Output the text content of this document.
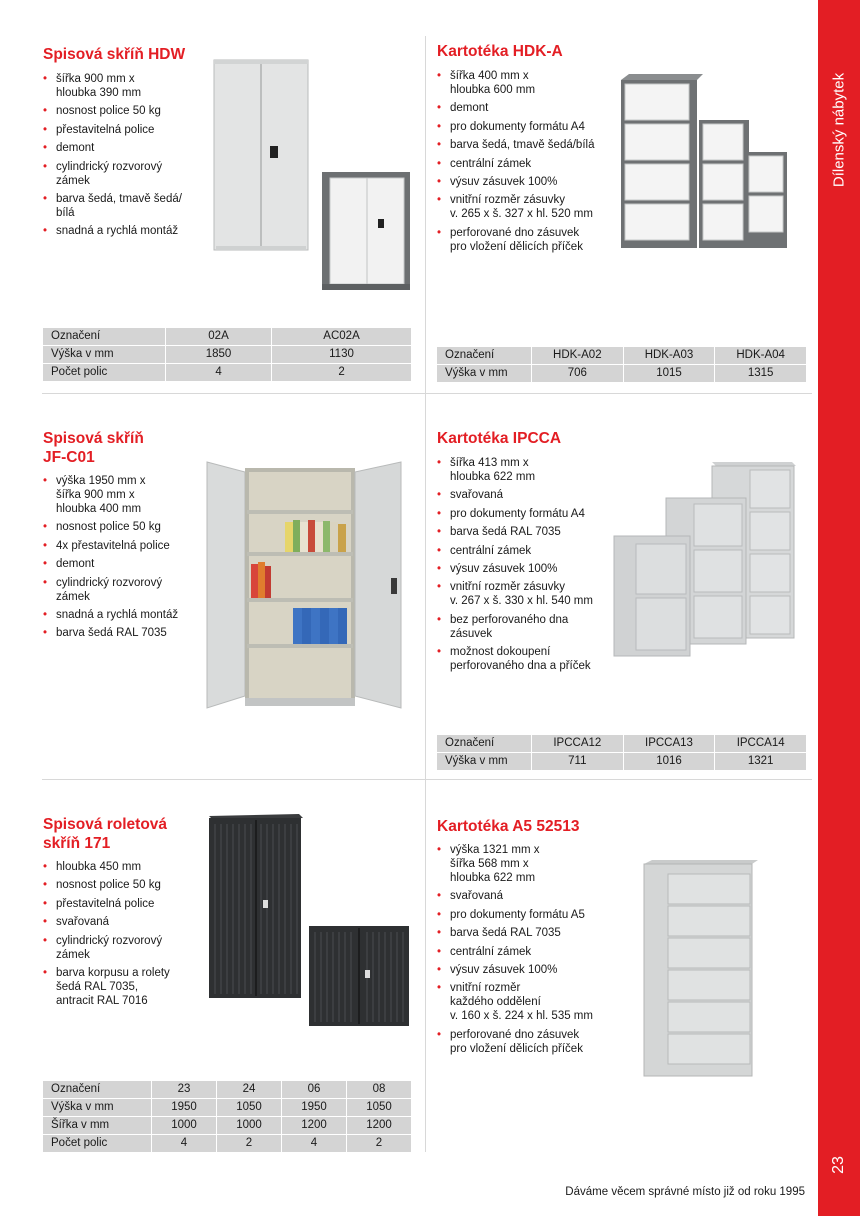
Dílenský nábytek
23
Spisová skříň HDW
• šířka 900 mm x
hloubka 390 mm
• nosnost police 50 kg
• přestavitelná police
• demont
• cylindrický rozvorový
zámek
• barva šedá, tmavě šedá/
bílá
• snadná a rychlá montáž
Označení	02A	AC02A
Výška v mm	1850	1130
Počet polic	4	2
Kartotéka HDK-A
• šířka 400 mm x
hloubka 600 mm
• demont
• pro dokumenty formátu A4
• barva šedá, tmavě šedá/bílá
• centrální zámek
• výsuv zásuvek 100%
• vnitřní rozměr zásuvky
v. 265 x š. 327 x hl. 520 mm
• perforované dno zásuvek
pro vložení dělicích příček
Označení	HDK-A02	HDK-A03	HDK-A04
Výška v mm	706	1015	1315
Spisová skříň
JF-C01
• výška 1950 mm x
šířka 900 mm x
hloubka 400 mm
• nosnost police 50 kg
• 4x přestavitelná police
• demont
• cylindrický rozvorový
zámek
• snadná a rychlá montáž
• barva šedá RAL 7035
Kartotéka IPCCA
• šířka 413 mm x
hloubka 622 mm
• svařovaná
• pro dokumenty formátu A4
• barva šedá RAL 7035
• centrální zámek
• výsuv zásuvek 100%
• vnitřní rozměr zásuvky
v. 267 x š. 330 x hl. 540 mm
• bez perforovaného dna
zásuvek
• možnost dokoupení
perforovaného dna a příček
Označení	IPCCA12	IPCCA13	IPCCA14
Výška v mm	711	1016	1321
Spisová roletová
skříň 171
• hloubka 450 mm
• nosnost police 50 kg
• přestavitelná police
• svařovaná
• cylindrický rozvorový
zámek
• barva korpusu a rolety
šedá RAL 7035,
antracit RAL 7016
Označení	23	24	06	08
Výška v mm	1950	1050	1950	1050
Šířka v mm	1000	1000	1200	1200
Počet polic	4	2	4	2
Kartotéka A5 52513
• výška 1321 mm x
šířka 568 mm x
hloubka 622 mm
• svařovaná
• pro dokumenty formátu A5
• barva šedá RAL 7035
• centrální zámek
• výsuv zásuvek 100%
• vnitřní rozměr
každého oddělení
v. 160 x š. 224 x hl. 535 mm
• perforované dno zásuvek
pro vložení dělicích příček
Dáváme věcem správné místo již od roku 1995
